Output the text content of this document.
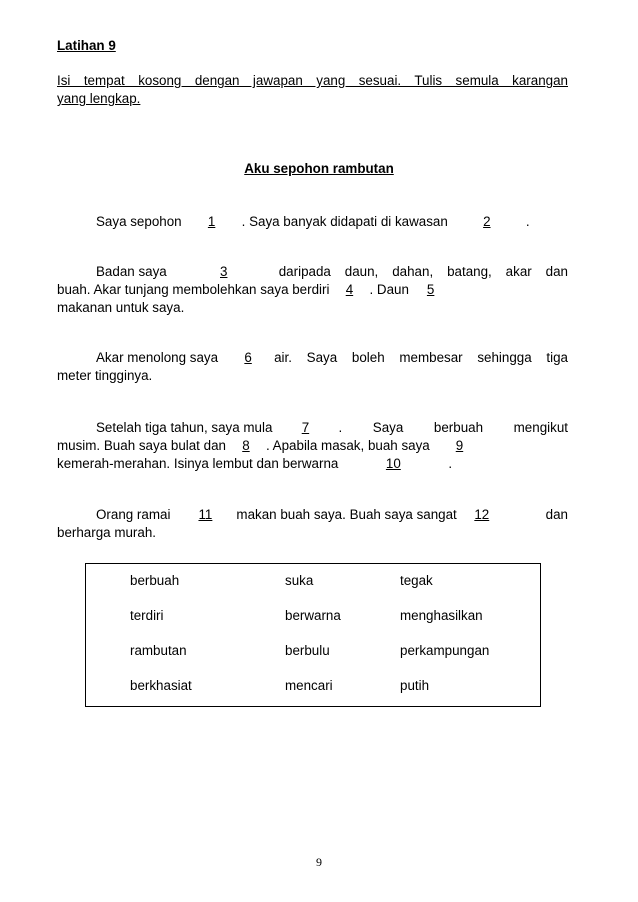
Latihan 9
Isi tempat kosong dengan jawapan yang sesuai. Tulis semula karangan
yang lengkap.
Aku sepohon rambutan
Saya sepohon 1 . Saya banyak didapati di kawasan	2	.
Badan saya	3	daripada daun, dahan, batang, akar dan
buah. Akar tunjang membolehkan saya berdiri 4 . Daun 5
makanan untuk saya.
Akar menolong saya	6	air. Saya boleh membesar sehingga tiga
meter tingginya.
Setelah tiga tahun, saya mula	7	. Saya berbuah mengikut
musim. Buah saya bulat dan 8 . Apabila masak, buah saya 9
kemerah-merahan. Isinya lembut dan berwarna	10	.
Orang ramai	11	makan buah saya. Buah saya sangat	12	dan
berharga murah.
berbuah	suka	tegak
terdiri	berwarna	menghasilkan
rambutan	berbulu	perkampungan
berkhasiat	mencari	putih
9
